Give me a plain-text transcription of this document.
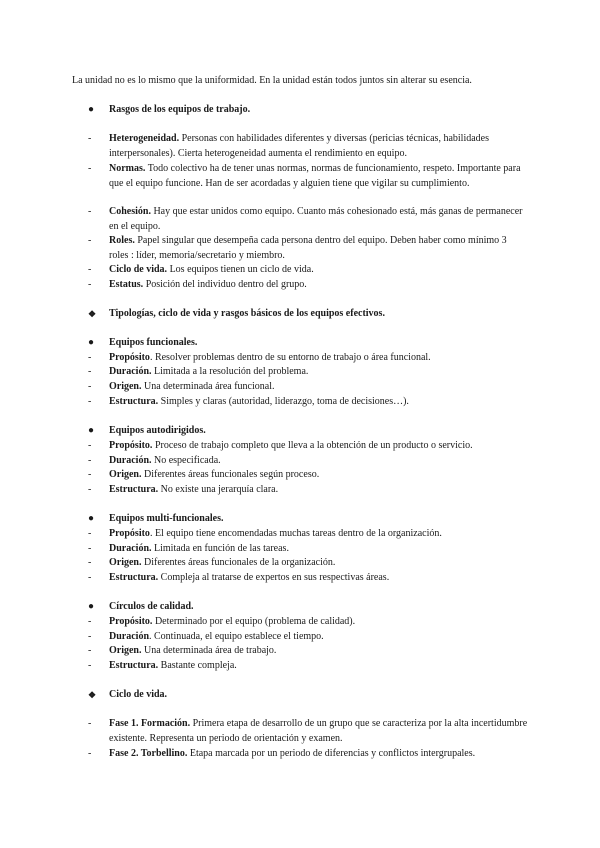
La unidad no es lo mismo que la uniformidad. En la unidad están todos juntos sin alterar su esencia.
●	Rasgos de los equipos de trabajo.
- Heterogeneidad. Personas con habilidades diferentes y diversas (pericias técnicas, habilidades interpersonales). Cierta heterogeneidad aumenta el rendimiento en equipo.
- Normas. Todo colectivo ha de tener unas normas, normas de funcionamiento, respeto. Importante para que el equipo funcione. Han de ser acordadas y alguien tiene que vigilar su cumplimiento.
- Cohesión. Hay que estar unidos como equipo. Cuanto más cohesionado está, más ganas de permanecer en el equipo.
- Roles. Papel singular que desempeña cada persona dentro del equipo. Deben haber como mínimo 3 roles : líder, memoria/secretario y miembro.
- Ciclo de vida. Los equipos tienen un ciclo de vida.
- Estatus. Posición del individuo dentro del grupo.
❖	Tipologías, ciclo de vida y rasgos básicos de los equipos efectivos.
●	Equipos funcionales.
- Propósito. Resolver problemas dentro de su entorno de trabajo o área funcional.
- Duración. Limitada a la resolución del problema.
- Origen. Una determinada área funcional.
- Estructura. Simples y claras (autoridad, liderazgo, toma de decisiones…).
●	Equipos autodirigidos.
- Propósito. Proceso de trabajo completo que lleva a la obtención de un producto o servicio.
- Duración. No especificada.
- Origen. Diferentes áreas funcionales según proceso.
- Estructura. No existe una jerarquía clara.
●	Equipos multi-funcionales.
- Propósito. El equipo tiene encomendadas muchas tareas dentro de la organización.
- Duración. Limitada en función de las tareas.
- Origen. Diferentes áreas funcionales de la organización.
- Estructura. Compleja al tratarse de expertos en sus respectivas áreas.
●	Círculos de calidad.
- Propósito. Determinado por el equipo (problema de calidad).
- Duración. Continuada, el equipo establece el tiempo.
- Origen. Una determinada área de trabajo.
- Estructura. Bastante compleja.
❖	Ciclo de vida.
- Fase 1. Formación. Primera etapa de desarrollo de un grupo que se caracteriza por la alta incertidumbre existente. Representa un periodo de orientación y examen.
- Fase 2. Torbellino. Etapa marcada por un periodo de diferencias y conflictos intergrupales.
